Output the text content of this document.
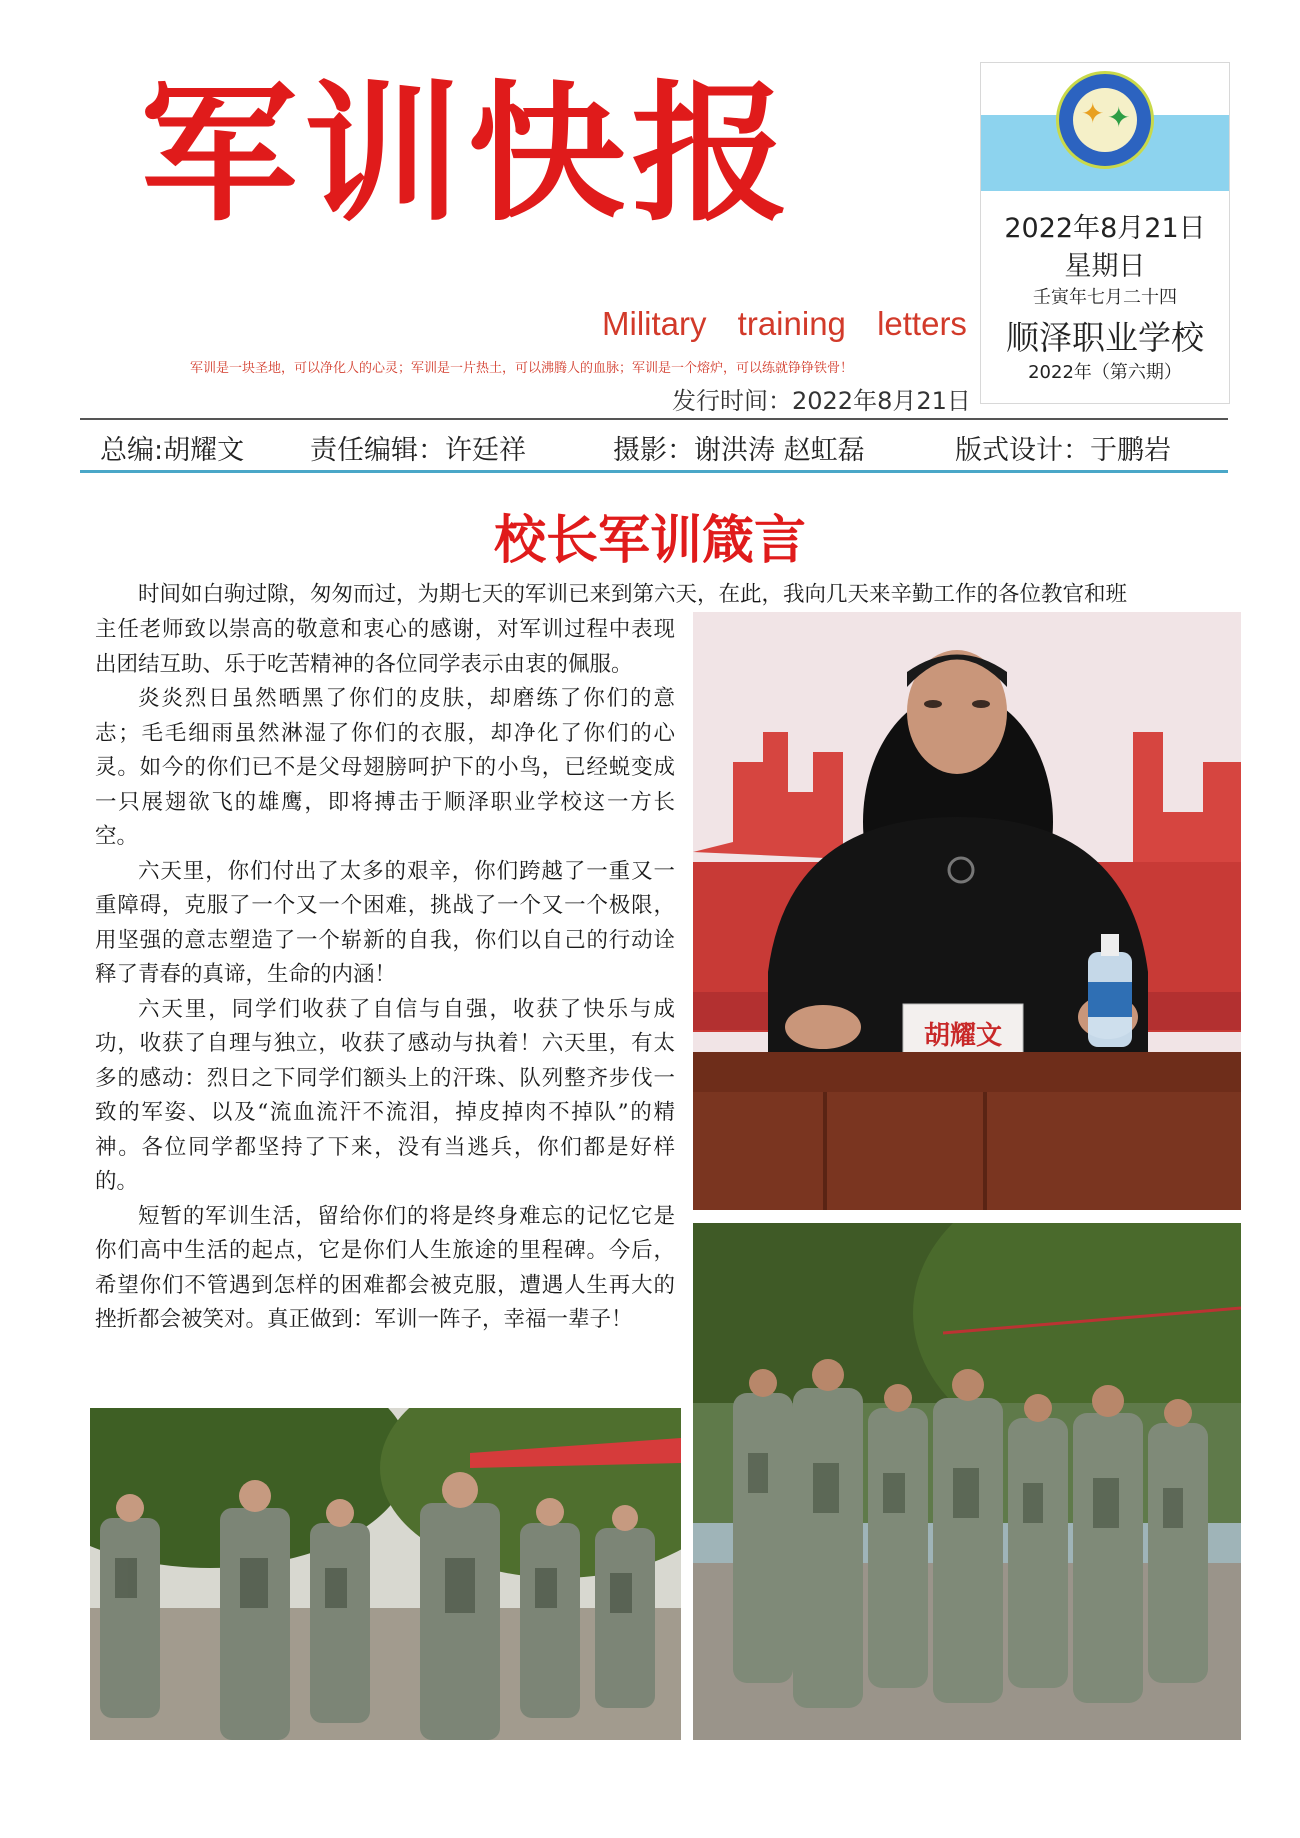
军训快报
Military training letters
军训是一块圣地，可以净化人的心灵；军训是一片热土，可以沸腾人的血脉；军训是一个熔炉，可以练就铮铮铁骨！
发行时间：2022年8月21日
✦ ✦
2022年8月21日
星期日
壬寅年七月二十四
顺泽职业学校
2022年（第六期）
总编:胡耀文 责任编辑：许廷祥	摄影：谢洪涛 赵虹磊	版式设计：于鹏岩
校长军训箴言
时间如白驹过隙，匆匆而过，为期七天的军训已来到第六天，在此，我向几天来辛勤工作的各位教官和班

主任老师致以崇高的敬意和衷心的感谢，对军训过程中表现出团结互助、乐于吃苦精神的各位同学表示由衷的佩服。

炎炎烈日虽然晒黑了你们的皮肤，却磨练了你们的意志；毛毛细雨虽然淋湿了你们的衣服，却净化了你们的心灵。如今的你们已不是父母翅膀呵护下的小鸟，已经蜕变成一只展翅欲飞的雄鹰，即将搏击于顺泽职业学校这一方长空。

六天里，你们付出了太多的艰辛，你们跨越了一重又一重障碍，克服了一个又一个困难，挑战了一个又一个极限，用坚强的意志塑造了一个崭新的自我，你们以自己的行动诠释了青春的真谛，生命的内涵！

六天里，同学们收获了自信与自强，收获了快乐与成功，收获了自理与独立，收获了感动与执着！六天里，有太多的感动：烈日之下同学们额头上的汗珠、队列整齐步伐一致的军姿、以及“流血流汗不流泪，掉皮掉肉不掉队”的精神。各位同学都坚持了下来，没有当逃兵，你们都是好样的。

短暂的军训生活，留给你们的将是终身难忘的记忆它是你们高中生活的起点，它是你们人生旅途的里程碑。今后，希望你们不管遇到怎样的困难都会被克服，遭遇人生再大的挫折都会被笑对。真正做到：军训一阵子，幸福一辈子！

胡耀文
